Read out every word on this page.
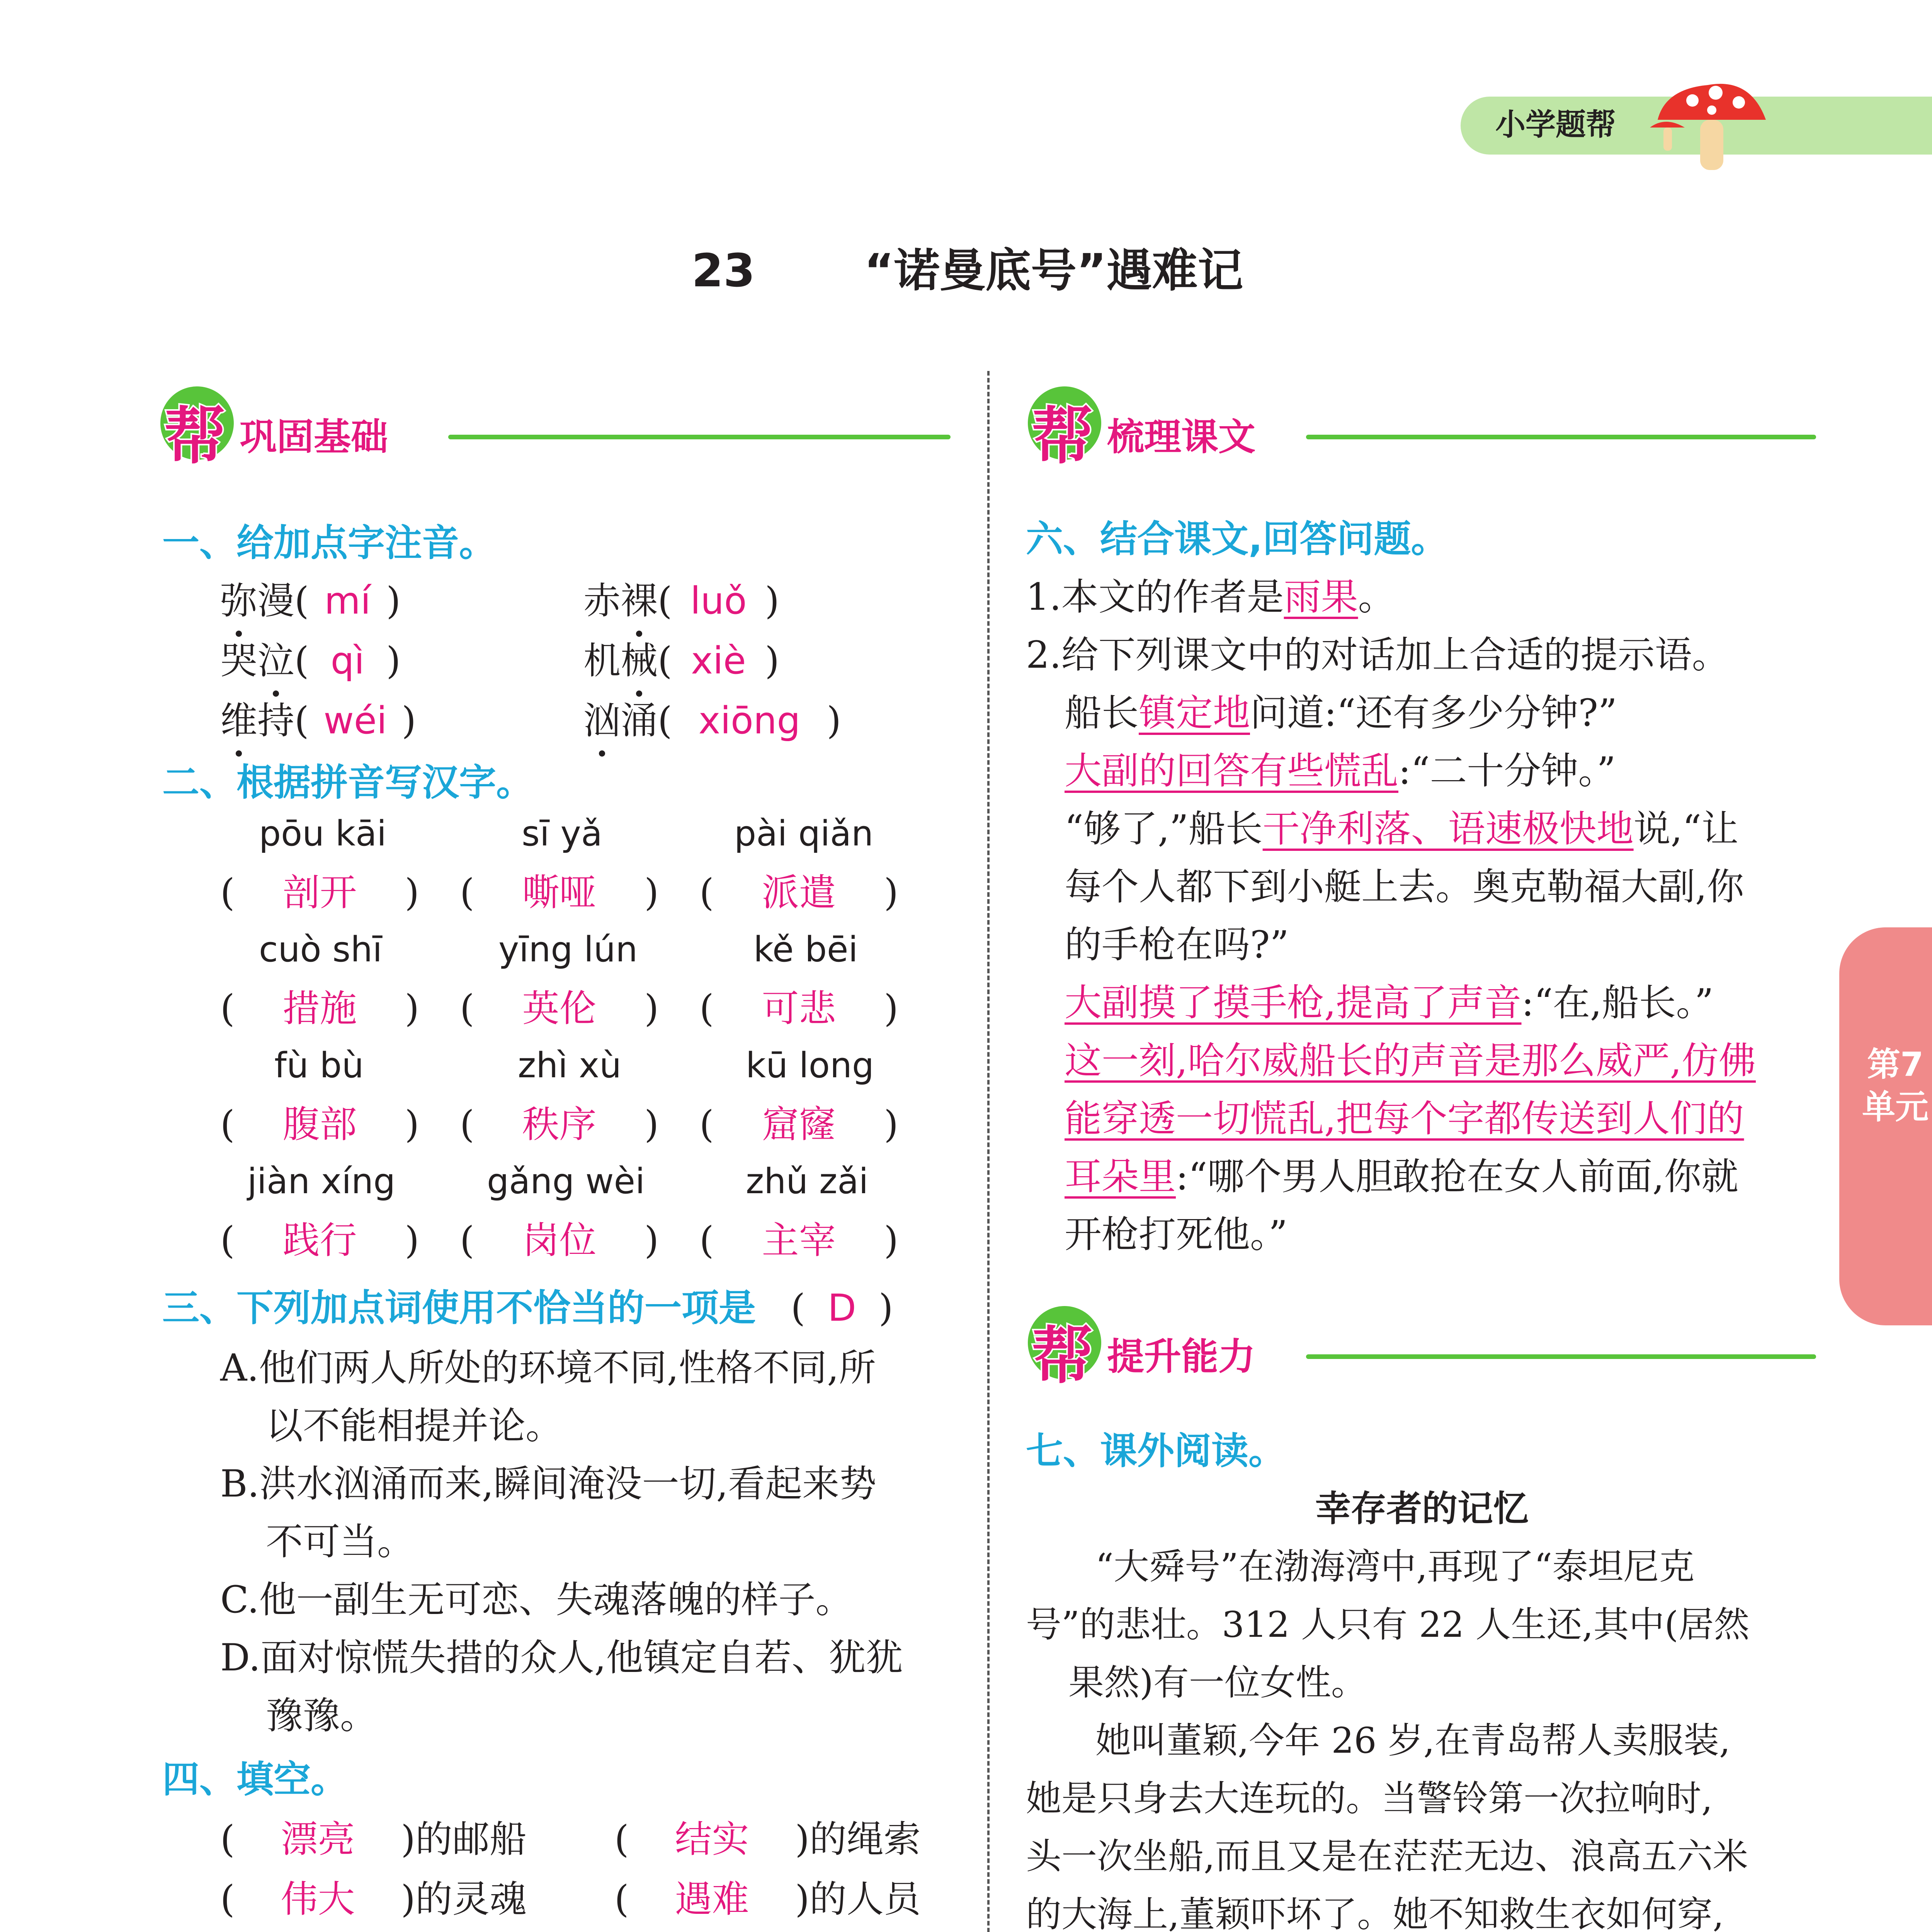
小学题帮
23 “诺曼底号”遇难记
帮 巩固基础
一、给加点字注音。
弥漫( mí )	赤裸( luǒ )
哭泣( qì )	机械( xiè )
维持( wéi )	汹涌( xiōng )
二、根据拼音写汉字。
pōu kāi	sī yǎ	pài qiǎn
( 剖开 ) ( 嘶哑 ) ( 派遣 )
cuò shī	yīng lún	kě bēi
( 措施 ) ( 英伦 ) ( 可悲 )
fù bù	zhì xù	kū long
( 腹部 ) ( 秩序 ) ( 窟窿 )
jiàn xíng	gǎng wèi	zhǔ zǎi
( 践行 ) ( 岗位 ) ( 主宰 )
三、下列加点词使用不恰当的一项是 ( D )
A.他们两人所处的环境不同,性格不同,所
以不能相提并论。
B.洪水汹涌而来,瞬间淹没一切,看起来势
不可当。
C.他一副生无可恋、失魂落魄的样子。
D.面对惊慌失措的众人,他镇定自若、犹犹
豫豫。
四、填空。
( 漂亮 )的邮船 ( 结实 )的绳索
( 伟大 )的灵魂 ( 遇难 )的人员
帮 梳理课文
六、结合课文,回答问题。
1.本文的作者是雨果。
2.给下列课文中的对话加上合适的提示语。
船长镇定地问道:“还有多少分钟?”
大副的回答有些慌乱:“二十分钟。”
“够了,”船长干净利落、语速极快地说,“让
每个人都下到小艇上去。奥克勒福大副,你
的手枪在吗?”
大副摸了摸手枪,提高了声音:“在,船长。”
这一刻,哈尔威船长的声音是那么威严,仿佛
能穿透一切慌乱,把每个字都传送到人们的
耳朵里:“哪个男人胆敢抢在女人前面,你就
开枪打死他。”
帮 提升能力
七、课外阅读。
幸存者的记忆
“大舜号”在渤海湾中,再现了“泰坦尼克
号”的悲壮。312 人只有 22 人生还,其中(居然
果然)有一位女性。
她叫董颖,今年 26 岁,在青岛帮人卖服装,
她是只身去大连玩的。当警铃第一次拉响时,
头一次坐船,而且又是在茫茫无边、浪高五六米
的大海上,董颖吓坏了。她不知救生衣如何穿,
第7
单元
